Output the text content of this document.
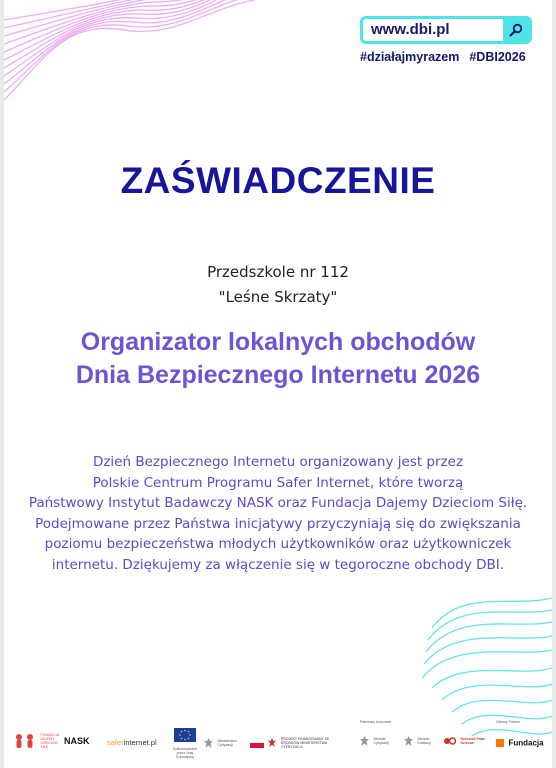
www.dbi.pl
#działajmyrazem #DBI2026
ZAŚWIADCZENIE
Przedszkole nr 112
"Leśne Skrzaty"
Organizator lokalnych obchodów
Dnia Bezpiecznego Internetu 2026
Dzień Bezpiecznego Internetu organizowany jest przez
Polskie Centrum Programu Safer Internet, które tworzą
Państwowy Instytut Badawczy NASK oraz Fundacja Dajemy Dzieciom Siłę.
Podejmowane przez Państwa inicjatywy przyczyniają się do zwiększania
poziomu bezpieczeństwa młodych użytkowników oraz użytkowniczek
internetu. Dziękujemy za włączenie się w tegoroczne obchody DBI.
FUNDACJA DAJEMY DZIECIOM SIŁĘ
NASK saferinternet.pl
Dofinansowane przez Unię Europejską
Ministerstwo Cyfryzacji
PROJEKT FINANSOWANY ZE ŚRODKÓW MINISTERSTWA CYFRYZACJI
Patronaty honorowe
Minister Cyfryzacji
Minister Edukacji
Rzecznik Praw Dziecka
Główny Partner
Fundacja
